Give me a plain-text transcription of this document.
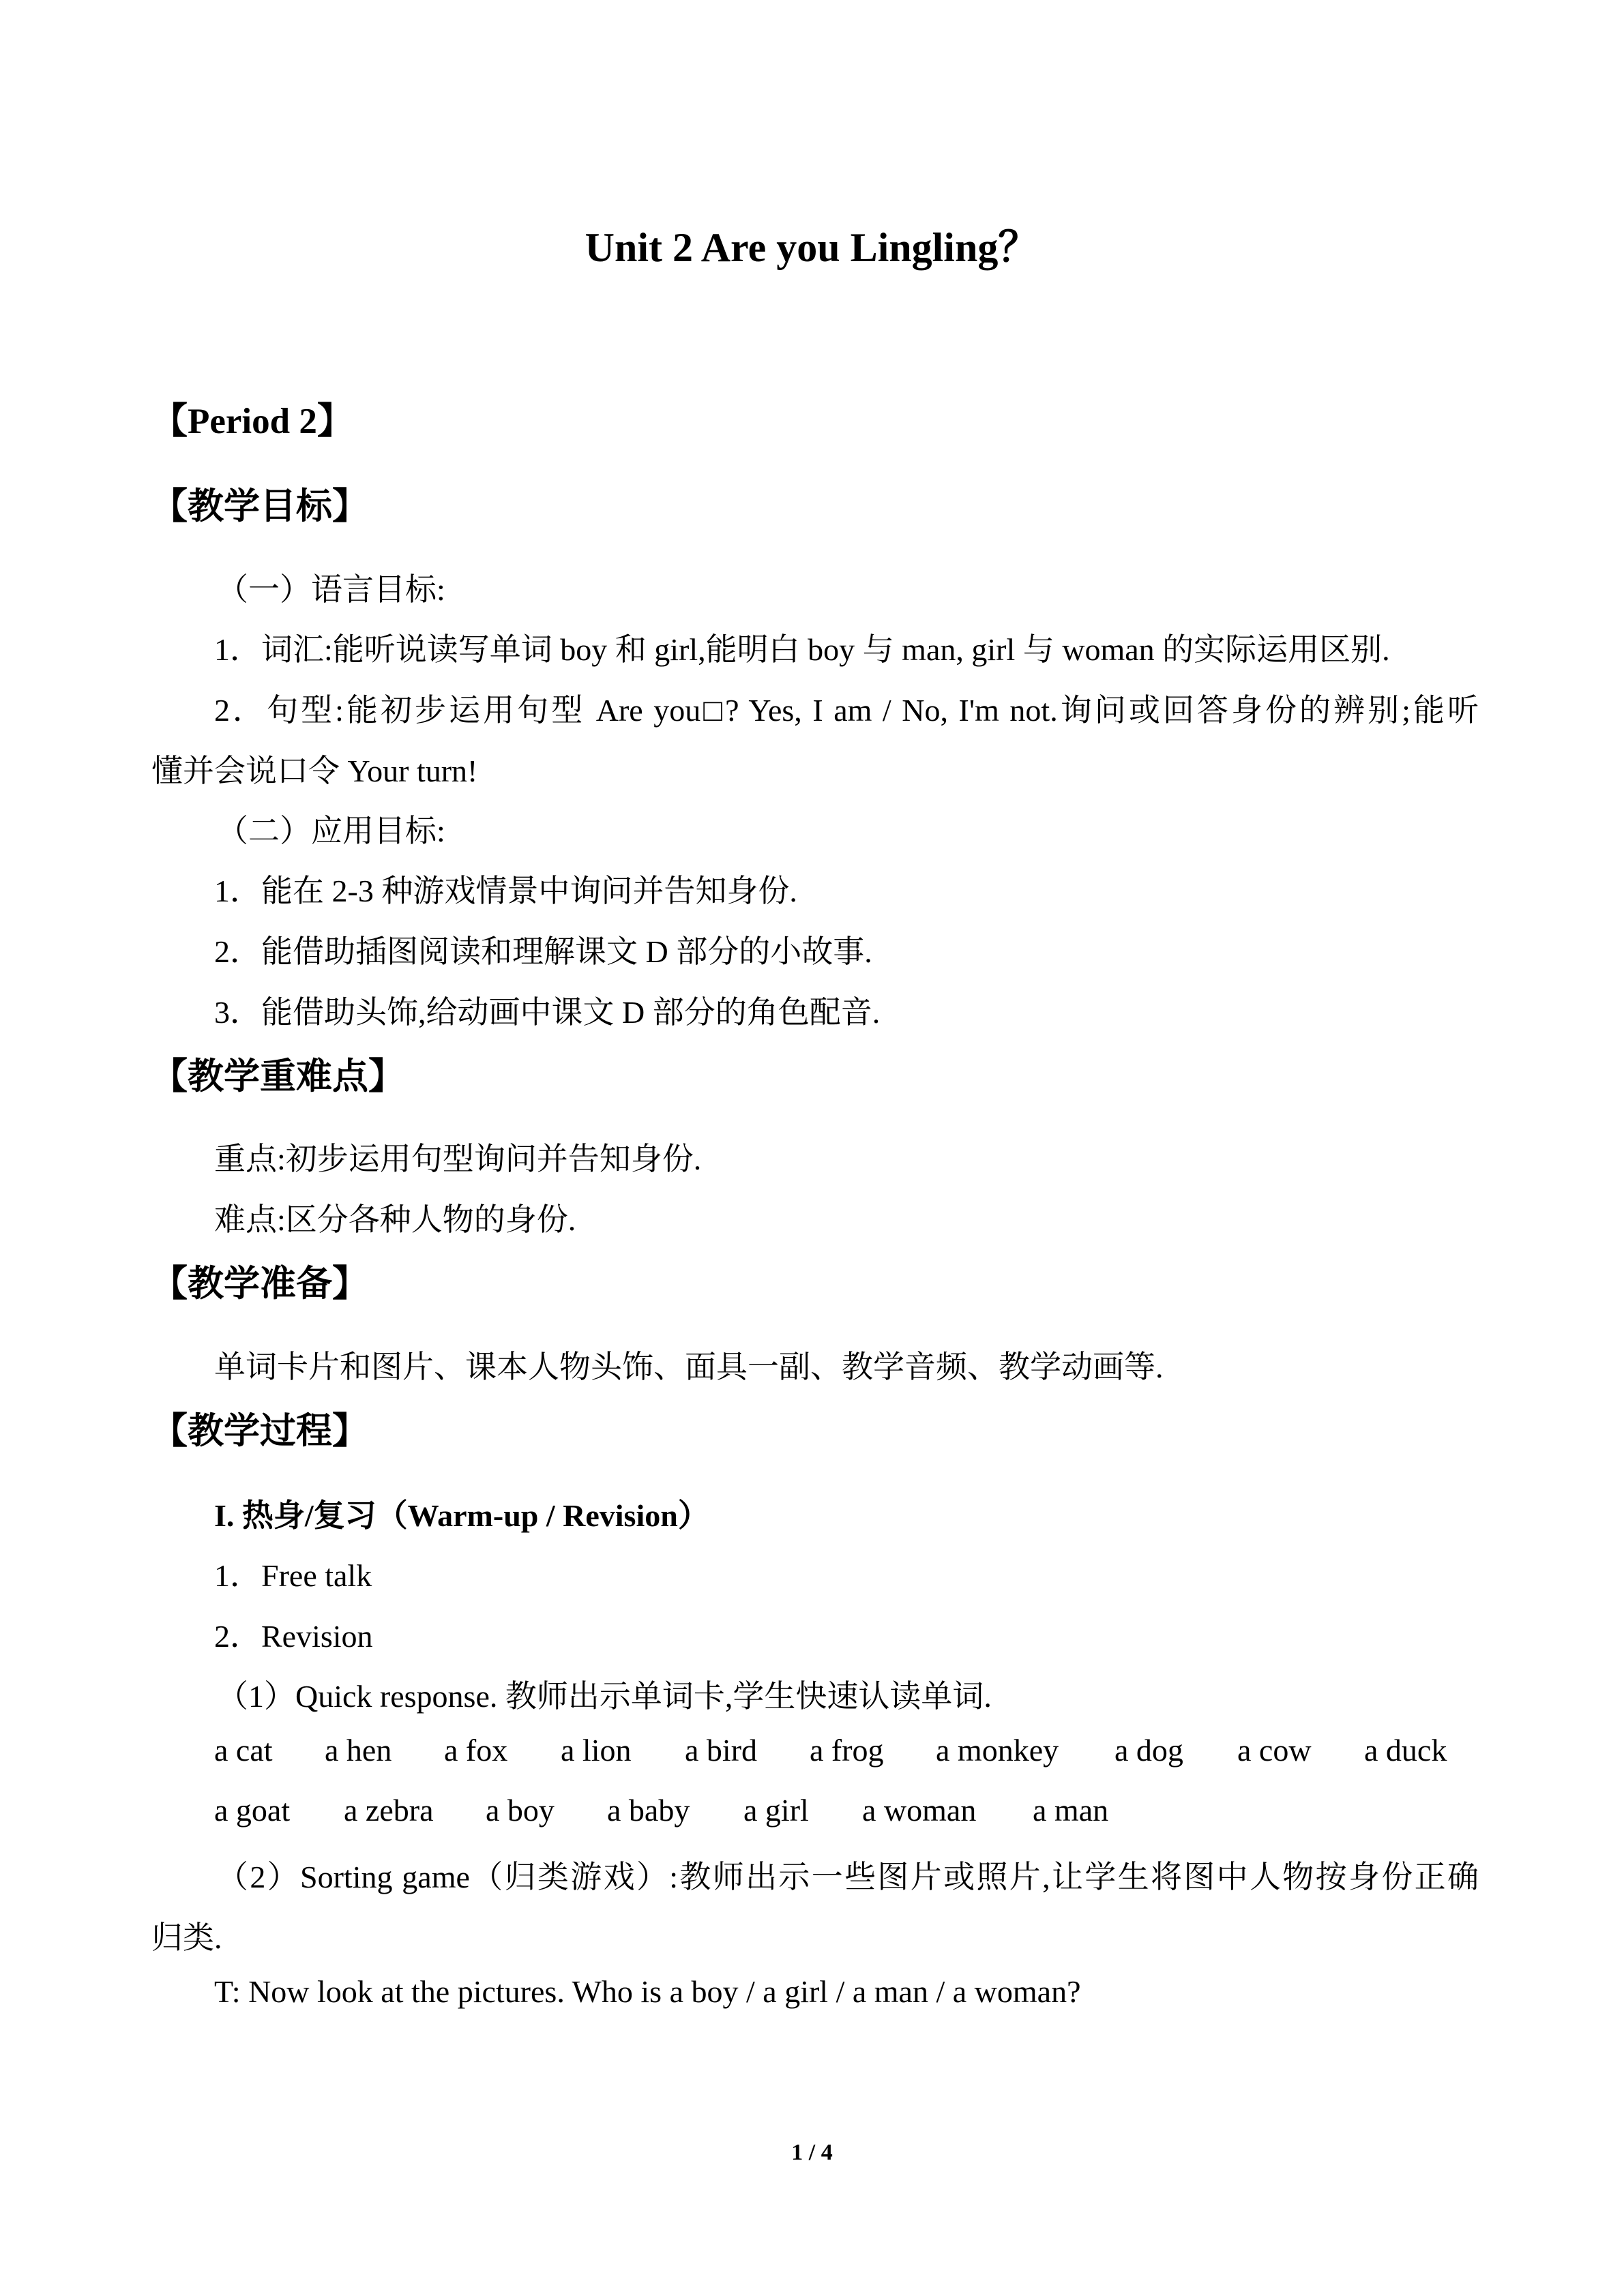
Unit 2 Are you Lingling？
【Period 2】
【教学目标】
（一）语言目标:
1．词汇:能听说读写单词 boy 和 girl,能明白 boy 与 man, girl 与 woman 的实际运用区别.
2．句型:能初步运用句型 Are you□? Yes, I am / No, I'm not.询问或回答身份的辨别;能听
懂并会说口令 Your turn!
（二）应用目标:
1．能在 2-3 种游戏情景中询问并告知身份.
2．能借助插图阅读和理解课文 D 部分的小故事.
3．能借助头饰,给动画中课文 D 部分的角色配音.
【教学重难点】
重点:初步运用句型询问并告知身份.
难点:区分各种人物的身份.
【教学准备】
单词卡片和图片、课本人物头饰、面具一副、教学音频、教学动画等.
【教学过程】
I. 热身/复习（Warm-up / Revision）
1．Free talk
2．Revision
（1）Quick response. 教师出示单词卡,学生快速认读单词.
a cat a hen a fox a lion a bird a frog a monkey a dog a cow a duck
a goat a zebra a boy a baby a girl a woman a man
（2）Sorting game（归类游戏）:教师出示一些图片或照片,让学生将图中人物按身份正确
归类.
T: Now look at the pictures. Who is a boy / a girl / a man / a woman?
1 / 4
